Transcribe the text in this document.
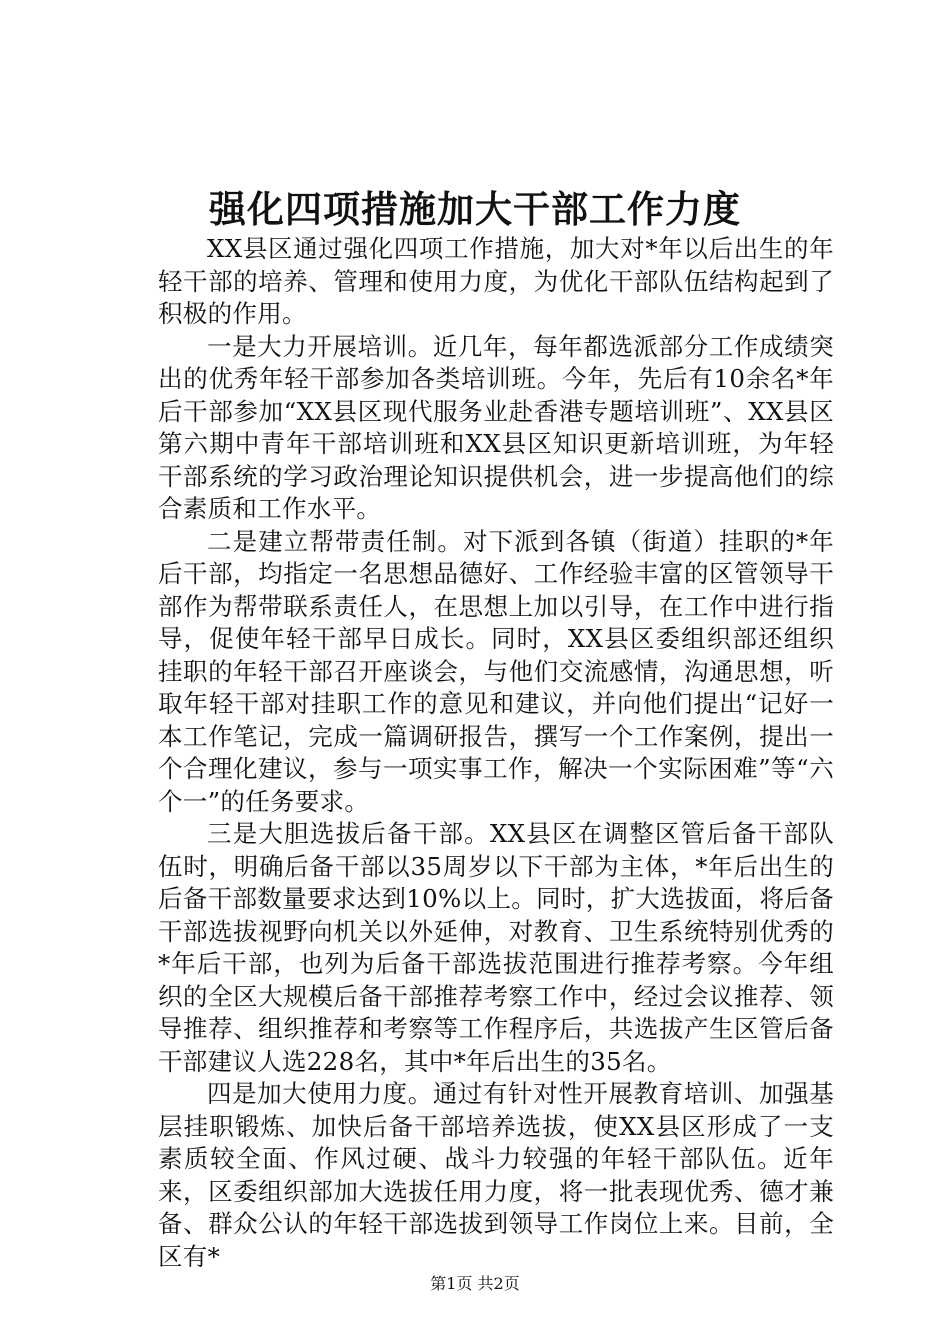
强化四项措施加大干部工作力度

XX县区通过强化四项工作措施，加大对*年以后出生的年轻干部的培养、管理和使用力度，为优化干部队伍结构起到了积极的作用。

一是大力开展培训。近几年，每年都选派部分工作成绩突出的优秀年轻干部参加各类培训班。今年，先后有10余名*年后干部参加“XX县区现代服务业赴香港专题培训班”、XX县区第六期中青年干部培训班和XX县区知识更新培训班，为年轻干部系统的学习政治理论知识提供机会，进一步提高他们的综合素质和工作水平。

二是建立帮带责任制。对下派到各镇（街道）挂职的*年后干部，均指定一名思想品德好、工作经验丰富的区管领导干部作为帮带联系责任人，在思想上加以引导，在工作中进行指导，促使年轻干部早日成长。同时，XX县区委组织部还组织挂职的年轻干部召开座谈会，与他们交流感情，沟通思想，听取年轻干部对挂职工作的意见和建议，并向他们提出“记好一本工作笔记，完成一篇调研报告，撰写一个工作案例，提出一个合理化建议，参与一项实事工作，解决一个实际困难”等“六个一”的任务要求。

三是大胆选拔后备干部。XX县区在调整区管后备干部队伍时，明确后备干部以35周岁以下干部为主体，*年后出生的后备干部数量要求达到10%以上。同时，扩大选拔面，将后备干部选拔视野向机关以外延伸，对教育、卫生系统特别优秀的*年后干部，也列为后备干部选拔范围进行推荐考察。今年组织的全区大规模后备干部推荐考察工作中，经过会议推荐、领导推荐、组织推荐和考察等工作程序后，共选拔产生区管后备干部建议人选228名，其中*年后出生的35名。

四是加大使用力度。通过有针对性开展教育培训、加强基层挂职锻炼、加快后备干部培养选拔，使XX县区形成了一支素质较全面、作风过硬、战斗力较强的年轻干部队伍。近年来，区委组织部加大选拔任用力度，将一批表现优秀、德才兼备、群众公认的年轻干部选拔到领导工作岗位上来。目前，全区有*

第1页 共2页
